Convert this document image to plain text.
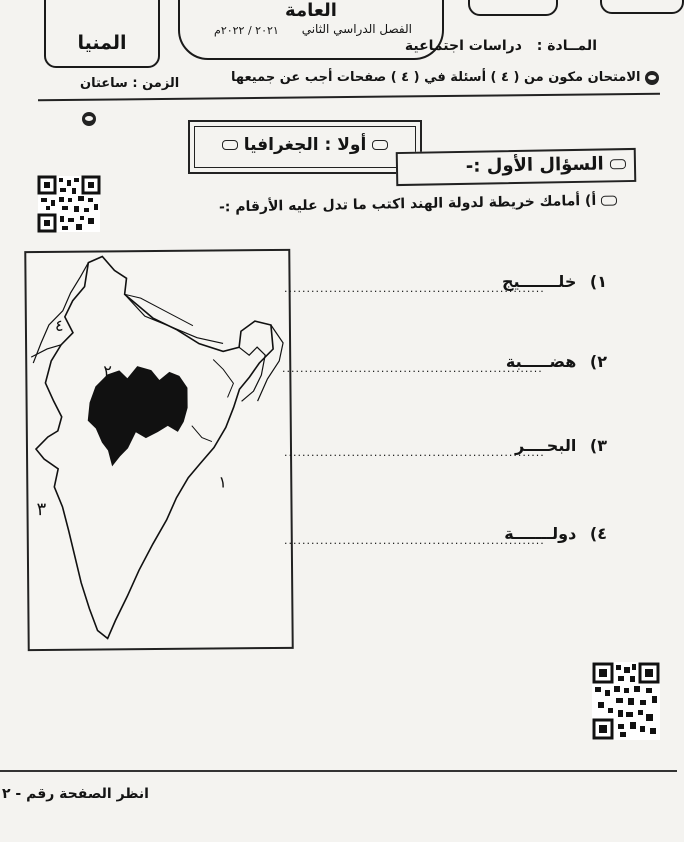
المنيا
العامة
الفصل الدراسي الثاني
٢٠٢١ / ٢٠٢٢م
المــادة : دراسات اجتماعية
الامتحان مكون من ( ٤ ) أسئلة في ( ٤ ) صفحات أجب عن جميعها
الزمن : ساعتان
أولا : الجغرافيا
السؤال الأول :-
أ) أمامك خريطة لدولة الهند اكتب ما تدل عليه الأرقام :-
٤
٢
٣
١
١) خلـــــــيج
٢) هضـــــبة
٣) البحــــر
٤) دولـــــــة
..........................................................
..........................................................
..........................................................
..........................................................
انظر الصفحة رقم - ٢
